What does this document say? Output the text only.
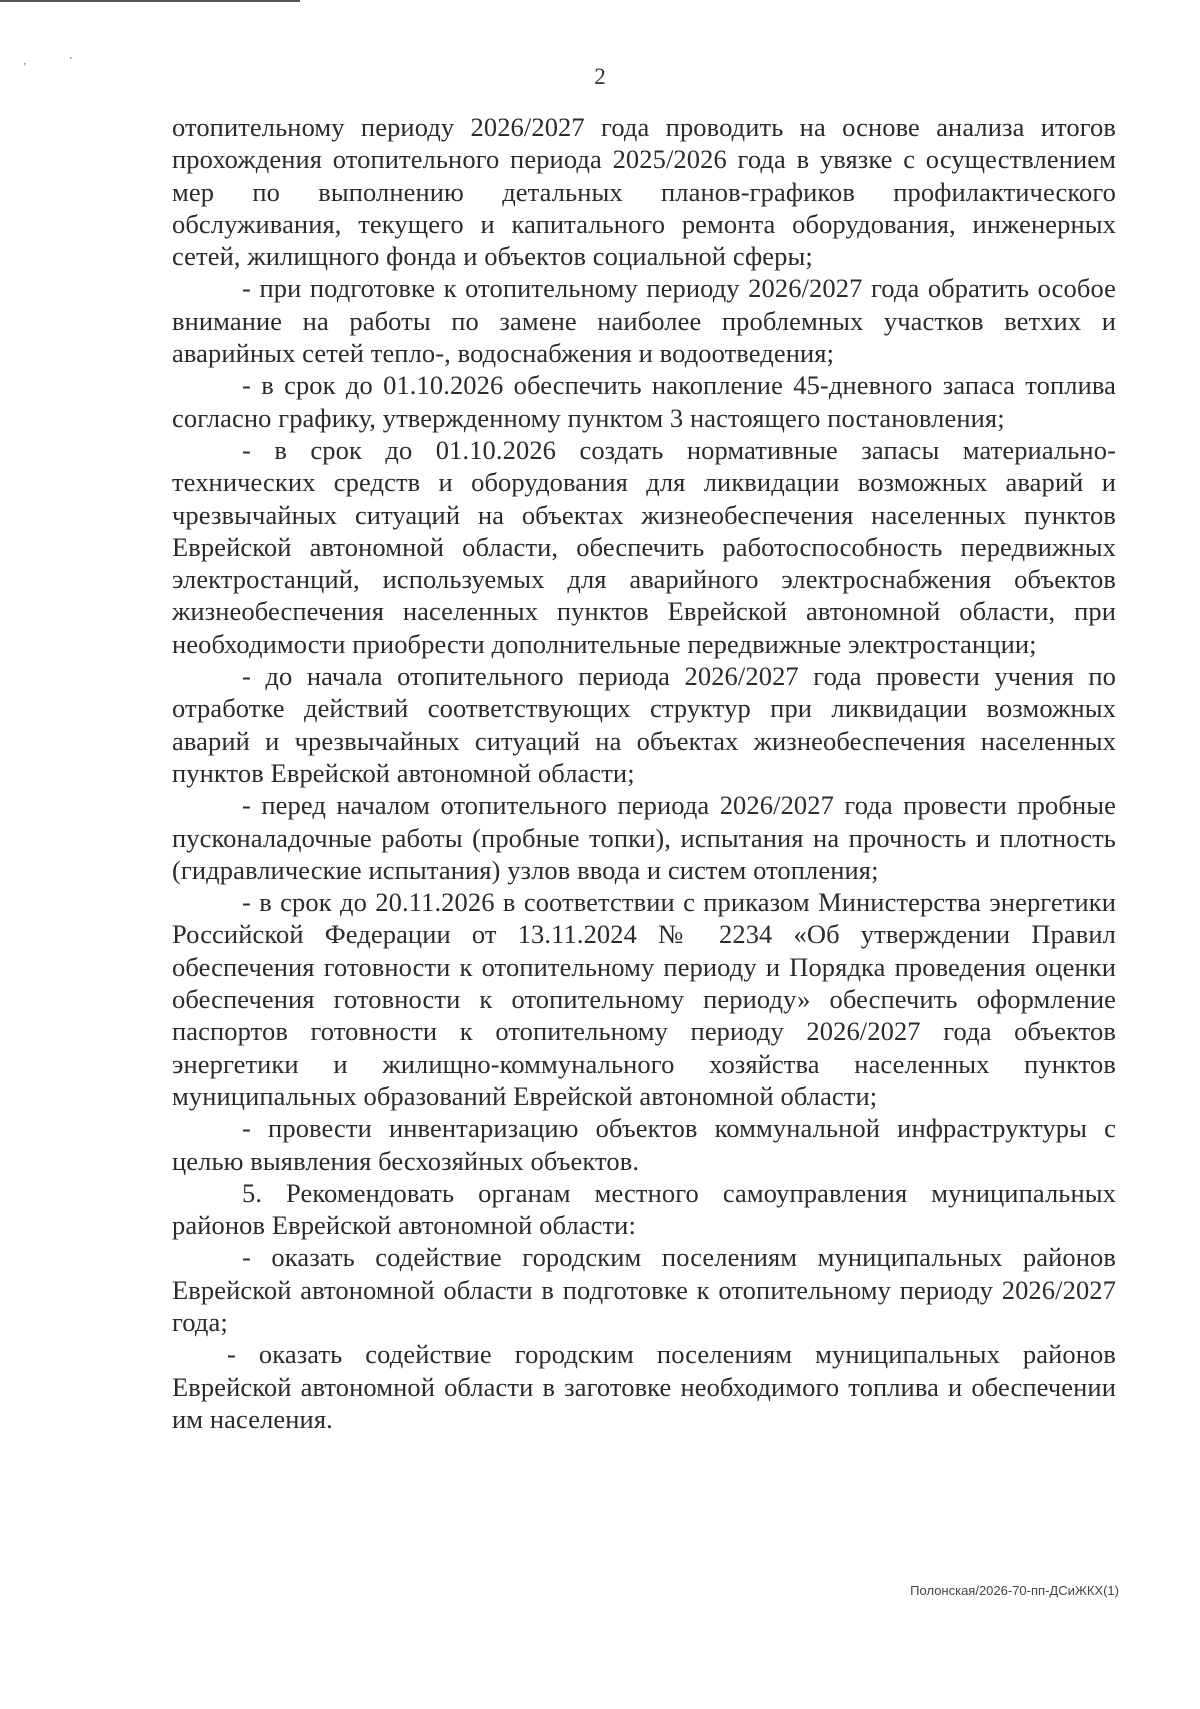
'
'
2

отопительному периоду 2026/2027 года проводить на основе анализа итогов прохождения отопительного периода 2025/2026 года в увязке с осуществлением мер по выполнению детальных планов-графиков профилактического обслуживания, текущего и капитального ремонта оборудования, инженерных сетей, жилищного фонда и объектов социальной сферы;

- при подготовке к отопительному периоду 2026/2027 года обратить особое внимание на работы по замене наиболее проблемных участков ветхих и аварийных сетей тепло-, водоснабжения и водоотведения;

- в срок до 01.10.2026 обеспечить накопление 45-дневного запаса топлива согласно графику, утвержденному пунктом 3 настоящего постановления;

- в срок до 01.10.2026 создать нормативные запасы материально-технических средств и оборудования для ликвидации возможных аварий и чрезвычайных ситуаций на объектах жизнеобеспечения населенных пунктов Еврейской автономной области, обеспечить работоспособность передвижных электростанций, используемых для аварийного электроснабжения объектов жизнеобеспечения населенных пунктов Еврейской автономной области, при необходимости приобрести дополнительные передвижные электростанции;

- до начала отопительного периода 2026/2027 года провести учения по отработке действий соответствующих структур при ликвидации возможных аварий и чрезвычайных ситуаций на объектах жизнеобеспечения населенных пунктов Еврейской автономной области;

- перед началом отопительного периода 2026/2027 года провести пробные пусконаладочные работы (пробные топки), испытания на прочность и плотность (гидравлические испытания) узлов ввода и систем отопления;

- в срок до 20.11.2026 в соответствии с приказом Министерства энергетики Российской Федерации от 13.11.2024 № 2234 «Об утверждении Правил обеспечения готовности к отопительному периоду и Порядка проведения оценки обеспечения готовности к отопительному периоду» обеспечить оформление паспортов готовности к отопительному периоду 2026/2027 года объектов энергетики и жилищно-коммунального хозяйства населенных пунктов муниципальных образований Еврейской автономной области;

- провести инвентаризацию объектов коммунальной инфраструктуры с целью выявления бесхозяйных объектов.

5. Рекомендовать органам местного самоуправления муниципальных районов Еврейской автономной области:

- оказать содействие городским поселениям муниципальных районов Еврейской автономной области в подготовке к отопительному периоду 2026/2027 года;

- оказать содействие городским поселениям муниципальных районов Еврейской автономной области в заготовке необходимого топлива и обеспечении им населения.

Полонская/2026-70-пп-ДСиЖКХ(1)
